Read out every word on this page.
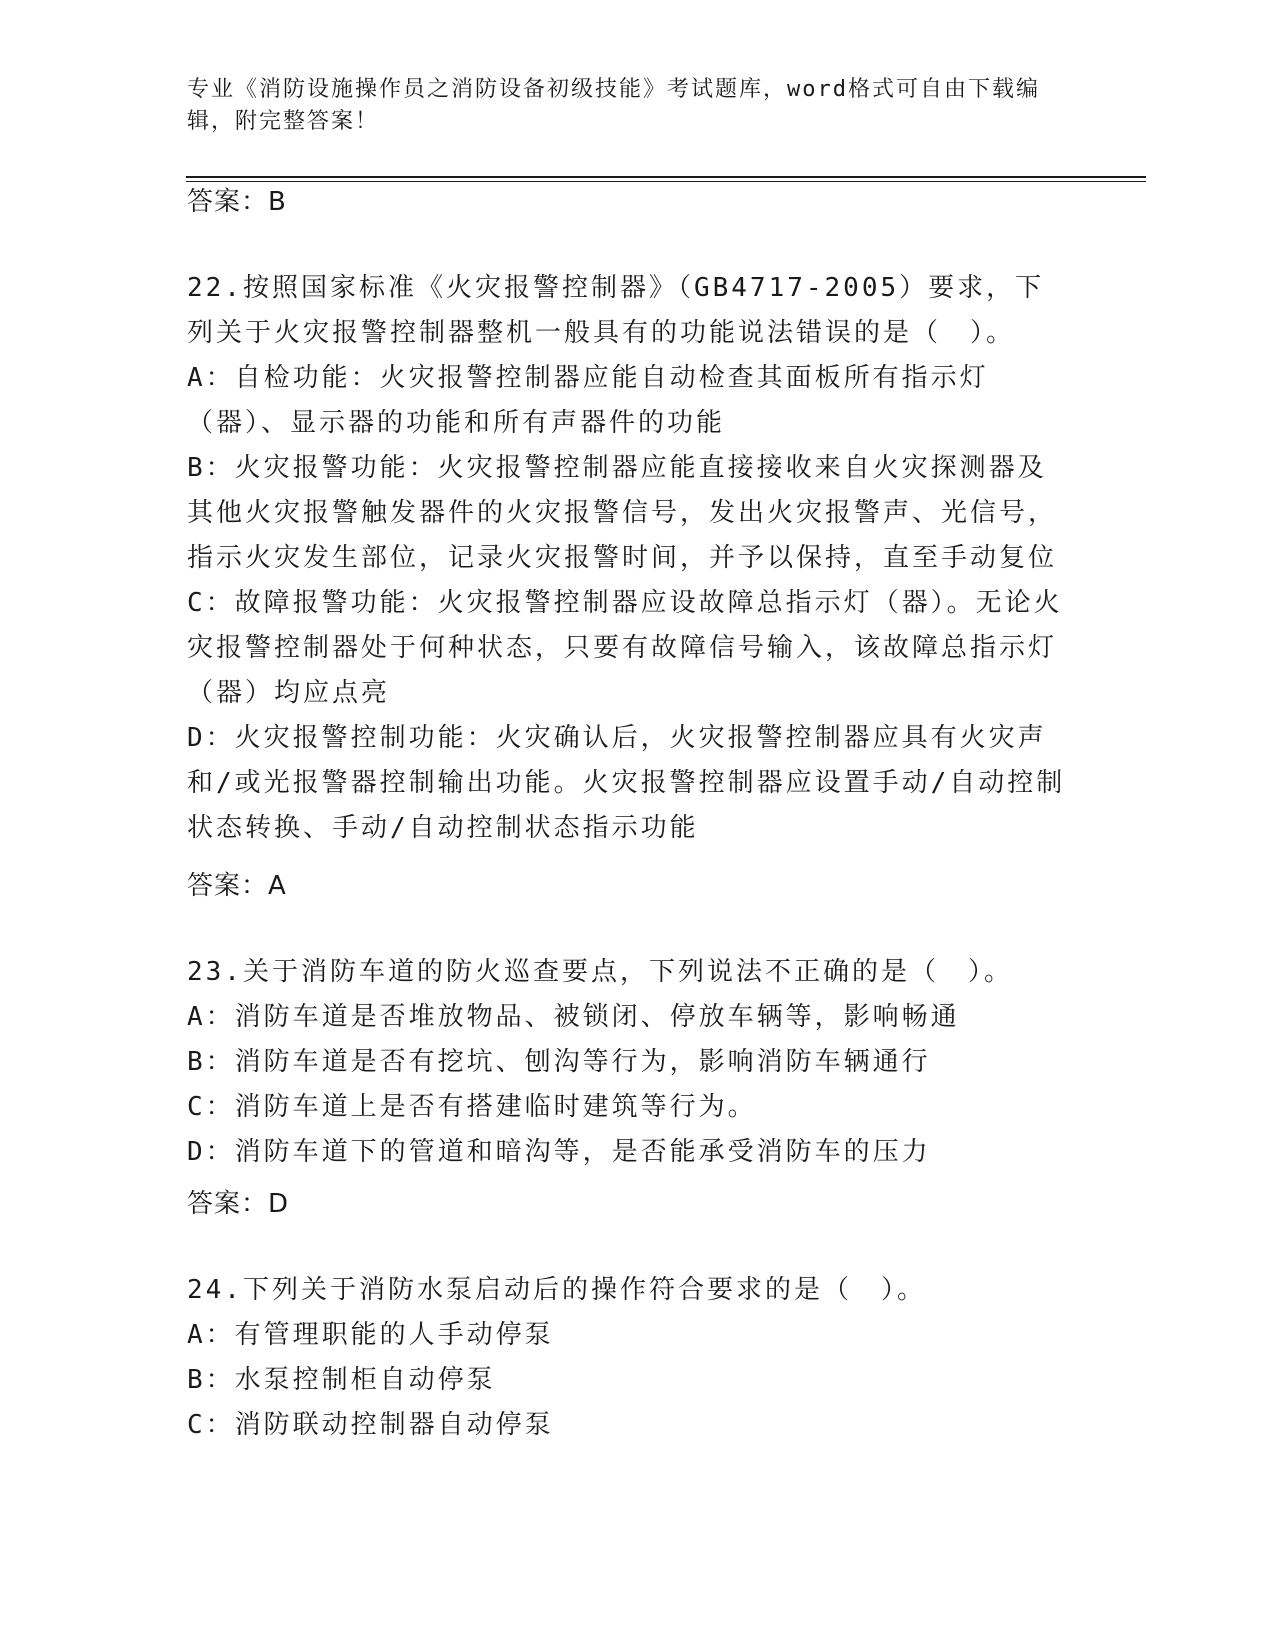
专业《消防设施操作员之消防设备初级技能》考试题库，word格式可自由下载编辑，附完整答案！
答案：B
22.按照国家标准《火灾报警控制器》（GB4717-2005）要求，下列关于火灾报警控制器整机一般具有的功能说法错误的是（　）。
A：自检功能：火灾报警控制器应能自动检查其面板所有指示灯（器）、显示器的功能和所有声器件的功能
B：火灾报警功能：火灾报警控制器应能直接接收来自火灾探测器及其他火灾报警触发器件的火灾报警信号，发出火灾报警声、光信号，指示火灾发生部位，记录火灾报警时间，并予以保持，直至手动复位
C：故障报警功能：火灾报警控制器应设故障总指示灯（器）。无论火灾报警控制器处于何种状态，只要有故障信号输入，该故障总指示灯（器）均应点亮
D：火灾报警控制功能：火灾确认后，火灾报警控制器应具有火灾声和/或光报警器控制输出功能。火灾报警控制器应设置手动/自动控制状态转换、手动/自动控制状态指示功能
答案：A
23.关于消防车道的防火巡查要点，下列说法不正确的是（　）。
A：消防车道是否堆放物品、被锁闭、停放车辆等，影响畅通
B：消防车道是否有挖坑、刨沟等行为，影响消防车辆通行
C：消防车道上是否有搭建临时建筑等行为。
D：消防车道下的管道和暗沟等，是否能承受消防车的压力
答案：D
24.下列关于消防水泵启动后的操作符合要求的是（　）。
A：有管理职能的人手动停泵
B：水泵控制柜自动停泵
C：消防联动控制器自动停泵
